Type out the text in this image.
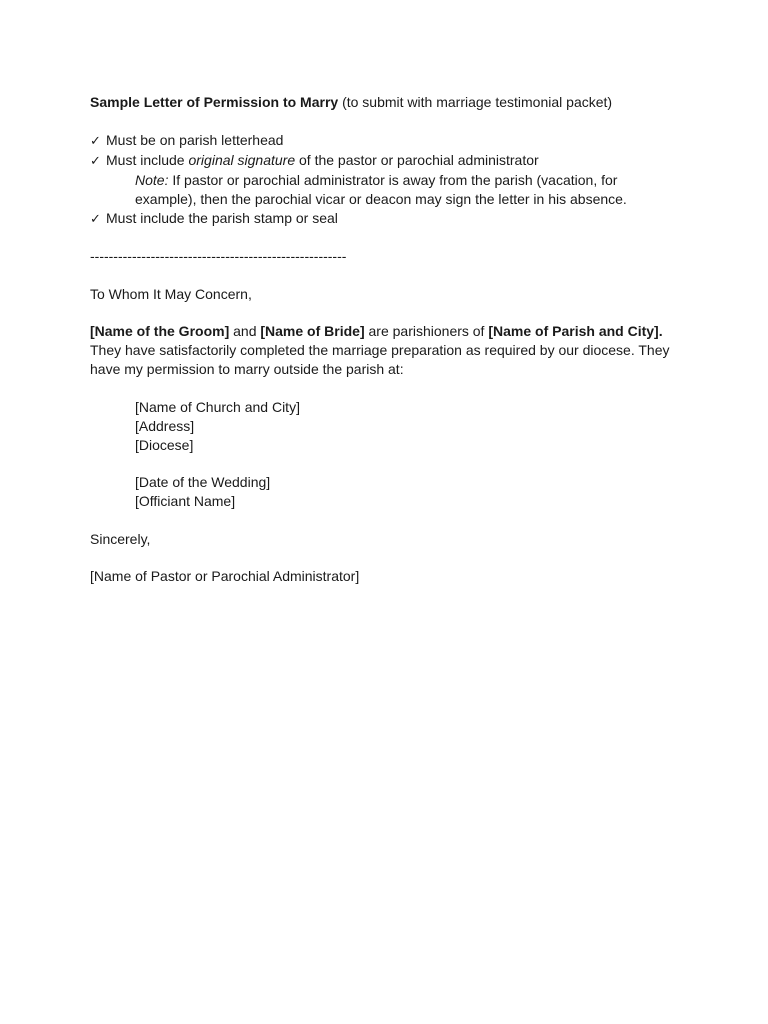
Sample Letter of Permission to Marry (to submit with marriage testimonial packet)
✓ Must be on parish letterhead
✓ Must include original signature of the pastor or parochial administrator
Note: If pastor or parochial administrator is away from the parish (vacation, for example), then the parochial vicar or deacon may sign the letter in his absence.
✓ Must include the parish stamp or seal
-------------------------------------------------------
To Whom It May Concern,
[Name of the Groom] and [Name of Bride] are parishioners of [Name of Parish and City]. They have satisfactorily completed the marriage preparation as required by our diocese. They have my permission to marry outside the parish at:
[Name of Church and City]
[Address]
[Diocese]
[Date of the Wedding]
[Officiant Name]
Sincerely,
[Name of Pastor or Parochial Administrator]
